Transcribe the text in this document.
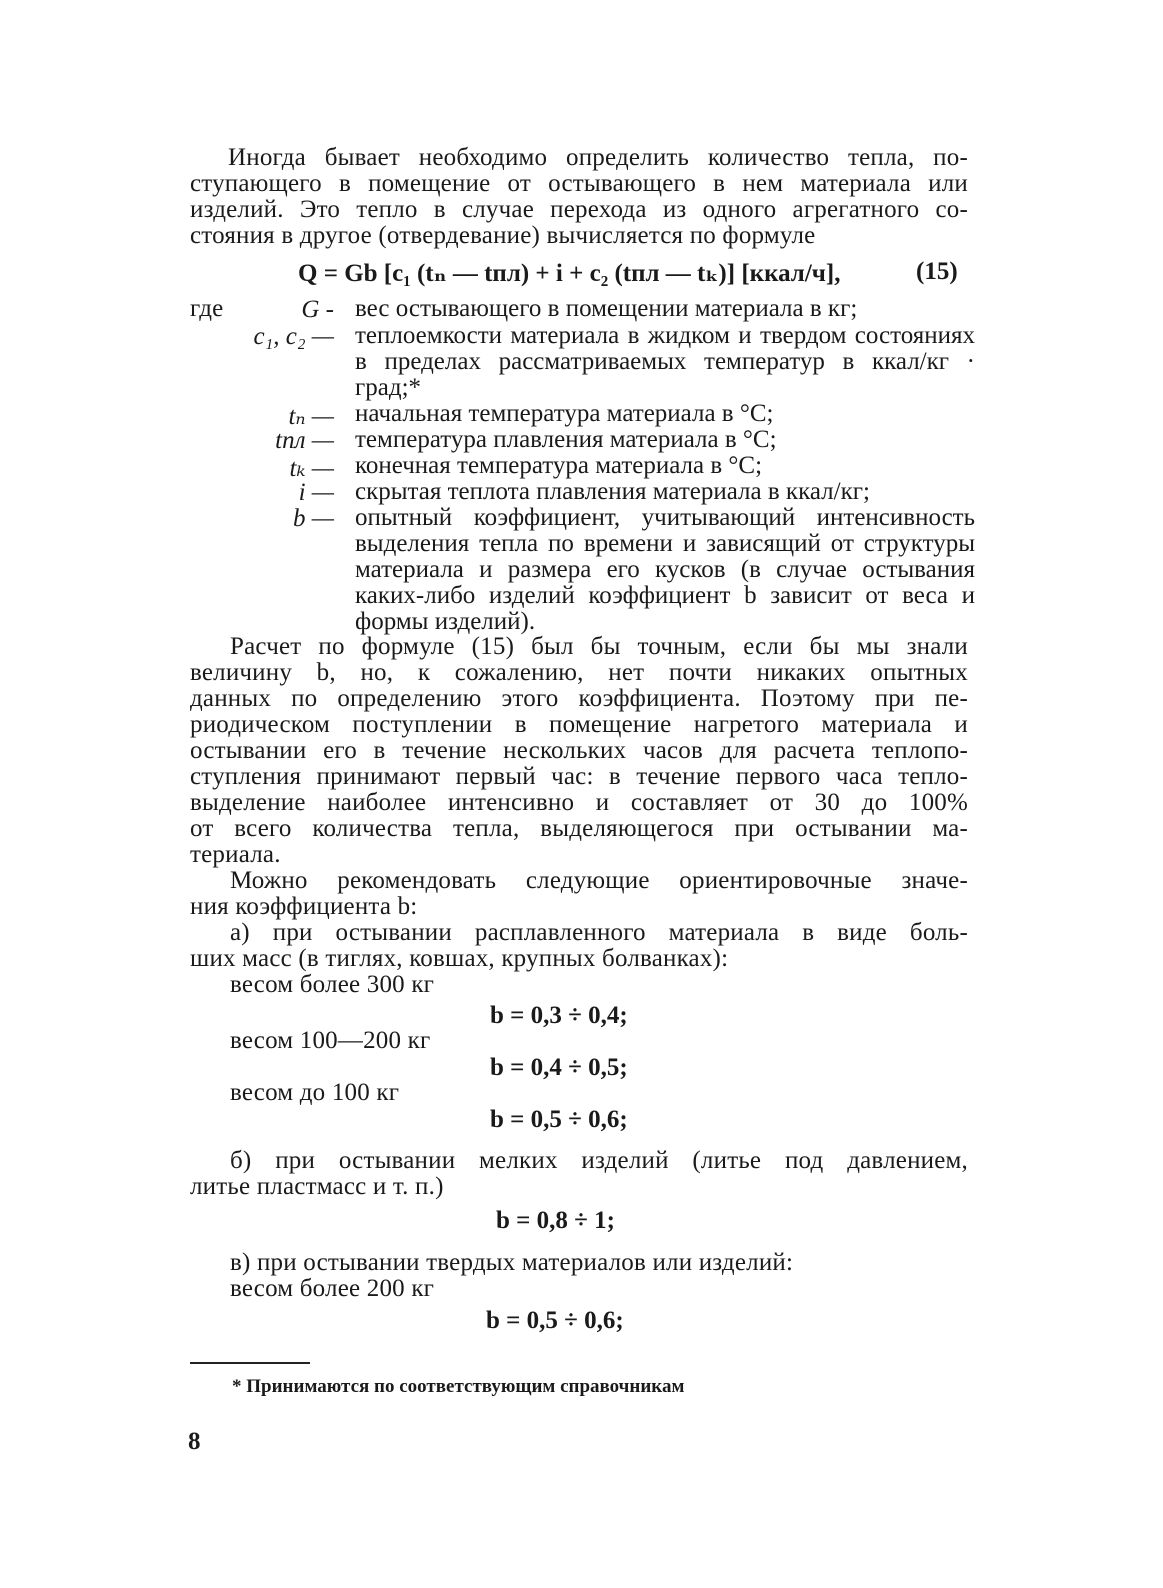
Иногда бывает необходимо определить количество тепла, по-
ступающего в помещение от остывающего в нем материала или
изделий. Это тепло в случае перехода из одного агрегатного со-
стояния в другое (отвердевание) вычисляется по формуле
Q = Gb [c₁ (tₙ — tпл) + i + c₂ (tпл — tₖ)] [ккал/ч],	(15)
где	G - вес остывающего в помещении материала в кг;
c₁, c₂ — теплоемкости материала в жидком и твердом состояниях в пределах рассматриваемых температур в ккал/кг · град;*
tₙ — начальная температура материала в °С;
tпл — температура плавления материала в °С;
tₖ — конечная температура материала в °С;
i — скрытая теплота плавления материала в ккал/кг;
b — опытный коэффициент, учитывающий интенсивность выделения тепла по времени и зависящий от структуры материала и размера его кусков (в случае остывания каких-либо изделий коэффициент b зависит от веса и формы изделий).
Расчет по формуле (15) был бы точным, если бы мы знали
величину b, но, к сожалению, нет почти никаких опытных
данных по определению этого коэффициента. Поэтому при пе-
риодическом поступлении в помещение нагретого материала и
остывании его в течение нескольких часов для расчета теплопо-
ступления принимают первый час: в течение первого часа тепло-
выделение наиболее интенсивно и составляет от 30 до 100%
от всего количества тепла, выделяющегося при остывании ма-
териала.
Можно рекомендовать следующие ориентировочные значе-
ния коэффициента b:
а) при остывании расплавленного материала в виде боль-
ших масс (в тиглях, ковшах, крупных болванках):
весом более 300 кг
b = 0,3 ÷ 0,4;
весом 100—200 кг
b = 0,4 ÷ 0,5;
весом до 100 кг
b = 0,5 ÷ 0,6;
б) при остывании мелких изделий (литье под давлением,
литье пластмасс и т. п.)
b = 0,8 ÷ 1;
в) при остывании твердых материалов или изделий:
весом более 200 кг
b = 0,5 ÷ 0,6;
* Принимаются по соответствующим справочникам
8
